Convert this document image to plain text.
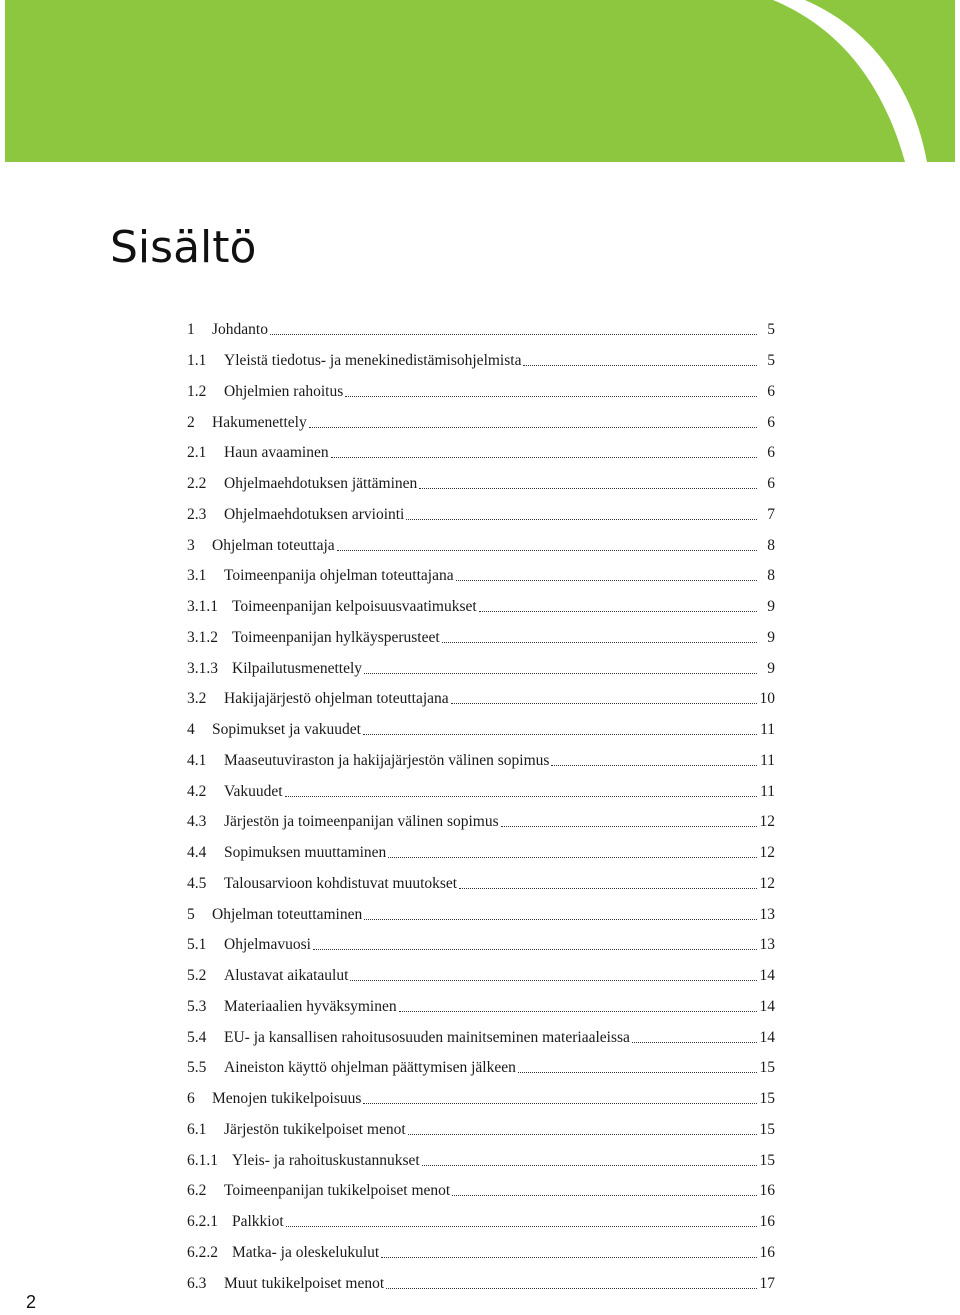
Sisältö
1	Johdanto	5
1.1	Yleistä tiedotus- ja menekinedistämisohjelmista	5
1.2	Ohjelmien rahoitus	6
2	Hakumenettely	6
2.1	Haun avaaminen	6
2.2	Ohjelmaehdotuksen jättäminen	6
2.3	Ohjelmaehdotuksen arviointi	7
3	Ohjelman toteuttaja	8
3.1	Toimeenpanija ohjelman toteuttajana	8
3.1.1 Toimeenpanijan kelpoisuusvaatimukset	9
3.1.2 Toimeenpanijan hylkäysperusteet	9
3.1.3 Kilpailutusmenettely	9
3.2	Hakijajärjestö ohjelman toteuttajana	10
4	Sopimukset ja vakuudet	11
4.1	Maaseutuviraston ja hakijajärjestön välinen sopimus	11
4.2	Vakuudet	11
4.3	Järjestön ja toimeenpanijan välinen sopimus	12
4.4	Sopimuksen muuttaminen	12
4.5	Talousarvioon kohdistuvat muutokset	12
5	Ohjelman toteuttaminen	13
5.1	Ohjelmavuosi	13
5.2	Alustavat aikataulut	14
5.3	Materiaalien hyväksyminen	14
5.4	EU- ja kansallisen rahoitusosuuden mainitseminen materiaaleissa	14
5.5	Aineiston käyttö ohjelman päättymisen jälkeen	15
6	Menojen tukikelpoisuus	15
6.1	Järjestön tukikelpoiset menot	15
6.1.1 Yleis- ja rahoituskustannukset	15
6.2	Toimeenpanijan tukikelpoiset menot	16
6.2.1 Palkkiot	16
6.2.2 Matka- ja oleskelukulut	16
6.3	Muut tukikelpoiset menot	17
2
